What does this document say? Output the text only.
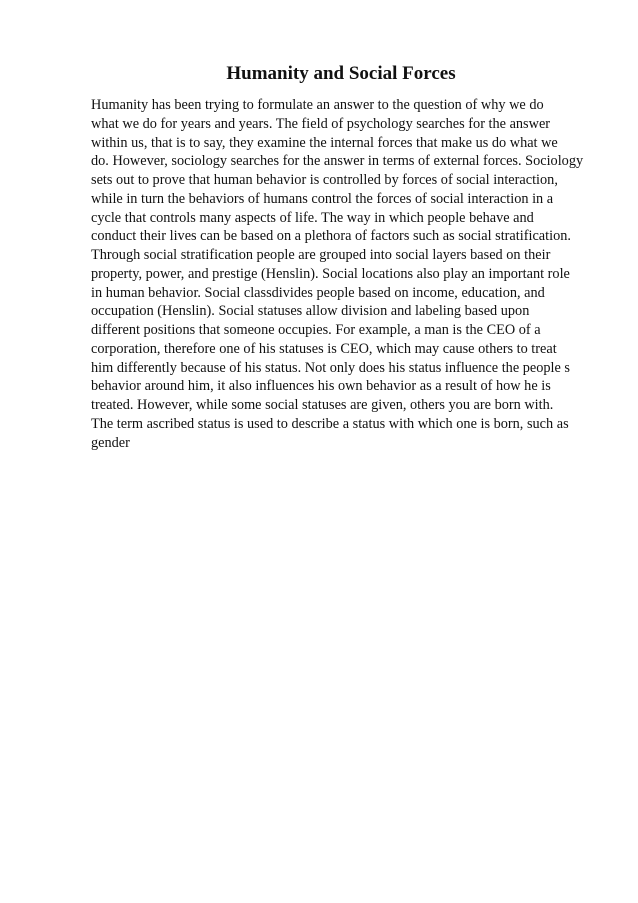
Humanity and Social Forces
Humanity has been trying to formulate an answer to the question of why we do
what we do for years and years. The field of psychology searches for the answer
within us, that is to say, they examine the internal forces that make us do what we
do. However, sociology searches for the answer in terms of external forces. Sociology
sets out to prove that human behavior is controlled by forces of social interaction,
while in turn the behaviors of humans control the forces of social interaction in a
cycle that controls many aspects of life. The way in which people behave and
conduct their lives can be based on a plethora of factors such as social stratification.
Through social stratification people are grouped into social layers based on their
property, power, and prestige (Henslin). Social locations also play an important role
in human behavior. Social classdivides people based on income, education, and
occupation (Henslin). Social statuses allow division and labeling based upon
different positions that someone occupies. For example, a man is the CEO of a
corporation, therefore one of his statuses is CEO, which may cause others to treat
him differently because of his status. Not only does his status influence the people s
behavior around him, it also influences his own behavior as a result of how he is
treated. However, while some social statuses are given, others you are born with.
The term ascribed status is used to describe a status with which one is born, such as
gender
